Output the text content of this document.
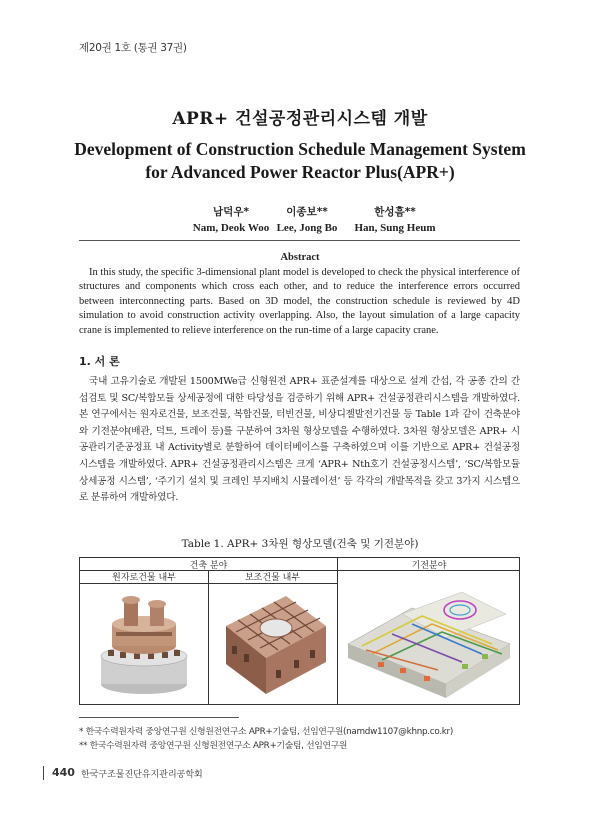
제20권 1호 (통권 37권)
APR+ 건설공정관리시스템 개발
Development of Construction Schedule Management System
for Advanced Power Reactor Plus(APR+)
남덕우*
Nam, Deok Woo
이종보**
Lee, Jong Bo
한성흠**
Han, Sung Heum
Abstract
In this study, the specific 3-dimensional plant model is developed to check the physical interference of structures and components which cross each other, and to reduce the interference errors occurred between interconnecting parts. Based on 3D model, the construction schedule is reviewed by 4D simulation to avoid construction activity overlapping. Also, the layout simulation of a large capacity crane is implemented to relieve interference on the run-time of a large capacity crane.
1. 서 론
국내 고유기술로 개발된 1500MWe급 신형원전 APR+ 표준설계를 대상으로 설계 간섭, 각 공종 간의 간섭검토 및 SC/복합모듈 상세공정에 대한 타당성을 검증하기 위해 APR+ 건설공정관리시스템을 개발하였다. 본 연구에서는 원자로건물, 보조건물, 복합건물, 터빈건물, 비상디젤발전기건물 등 Table 1과 같이 건축분야와 기전분야(배관, 덕트, 트레이 등)를 구분하여 3차원 형상모델을 수행하였다. 3차원 형상모델은 APR+ 시공관리기준공정표 내 Activity별로 분할하여 데이터베이스를 구축하였으며 이를 기반으로 APR+ 건설공정시스템을 개발하였다. APR+ 건설공정관리시스템은 크게 ‘APR+ Nth호기 건설공정시스템’, ‘SC/복합모듈 상세공정 시스템’, ‘주기기 설치 및 크레인 부지배치 시뮬레이션’ 등 각각의 개발목적을 갖고 3가지 시스템으로 분류하여 개발하였다.
Table 1. APR+ 3차원 형상모델(건축 및 기전분야)
건축 분야	기전분야
원자로건물 내부	보조건물 내부
* 한국수력원자력 중앙연구원 신형원전연구소 APR+기술팀, 선임연구원(namdw1107@khnp.co.kr)
** 한국수력원자력 중앙연구원 신형원전연구소 APR+기술팀, 선임연구원
440 한국구조물진단유지관리공학회
